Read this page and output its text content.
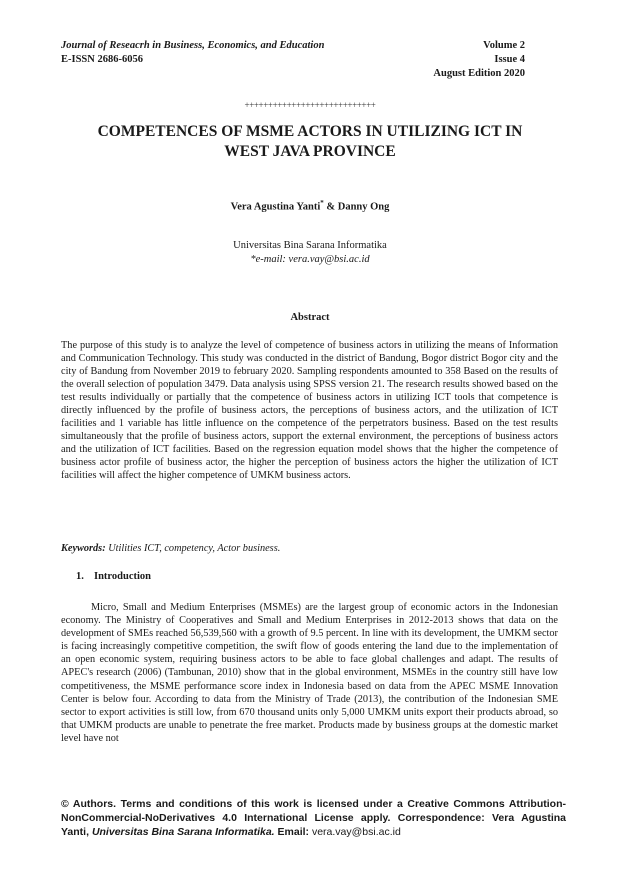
Journal of Reseacrh in Business, Economics, and Education
E-ISSN 2686-6056
Volume 2
Issue 4
August Edition 2020
++++++++++++++++++++++++++++
COMPETENCES OF MSME ACTORS IN UTILIZING ICT IN
WEST JAVA PROVINCE
Vera Agustina Yanti* & Danny Ong
Universitas Bina Sarana Informatika
*e-mail: vera.vay@bsi.ac.id
Abstract
The purpose of this study is to analyze the level of competence of business actors in utilizing the means of Information and Communication Technology. This study was conducted in the district of Bandung, Bogor district Bogor city and the city of Bandung from November 2019 to february 2020. Sampling respondents amounted to 358 Based on the results of the overall selection of population 3479. Data analysis using SPSS version 21. The research results showed based on the test results individually or partially that the competence of business actors in utilizing ICT tools that competence is directly influenced by the profile of business actors, the perceptions of business actors, and the utilization of ICT facilities and 1 variable has little influence on the competence of the perpetrators business. Based on the test results simultaneously that the profile of business actors, support the external environment, the perceptions of business actors and the utilization of ICT facilities. Based on the regression equation model shows that the higher the competence of business actor profile of business actor, the higher the perception of business actors the higher the utilization of ICT facilities will affect the higher competence of UMKM business actors.
Keywords: Utilities ICT, competency, Actor business.
1. Introduction
Micro, Small and Medium Enterprises (MSMEs) are the largest group of economic actors in the Indonesian economy. The Ministry of Cooperatives and Small and Medium Enterprises in 2012-2013 shows that data on the development of SMEs reached 56,539,560 with a growth of 9.5 percent. In line with its development, the UMKM sector is facing increasingly competitive competition, the swift flow of goods entering the land due to the implementation of an open economic system, requiring business actors to be able to face global challenges and adapt. The results of APEC's research (2006) (Tambunan, 2010) show that in the global environment, MSMEs in the country still have low competitiveness, the MSME performance score index in Indonesia based on data from the APEC MSME Innovation Center is below four. According to data from the Ministry of Trade (2013), the contribution of the Indonesian SME sector to export activities is still low, from 670 thousand units only 5,000 UMKM units export their products abroad, so that UMKM products are unable to penetrate the free market. Products made by business groups at the domestic market level have not
© Authors. Terms and conditions of this work is licensed under a Creative Commons Attribution-NonCommercial-NoDerivatives 4.0 International License apply. Correspondence: Vera Agustina Yanti, Universitas Bina Sarana Informatika. Email: vera.vay@bsi.ac.id
